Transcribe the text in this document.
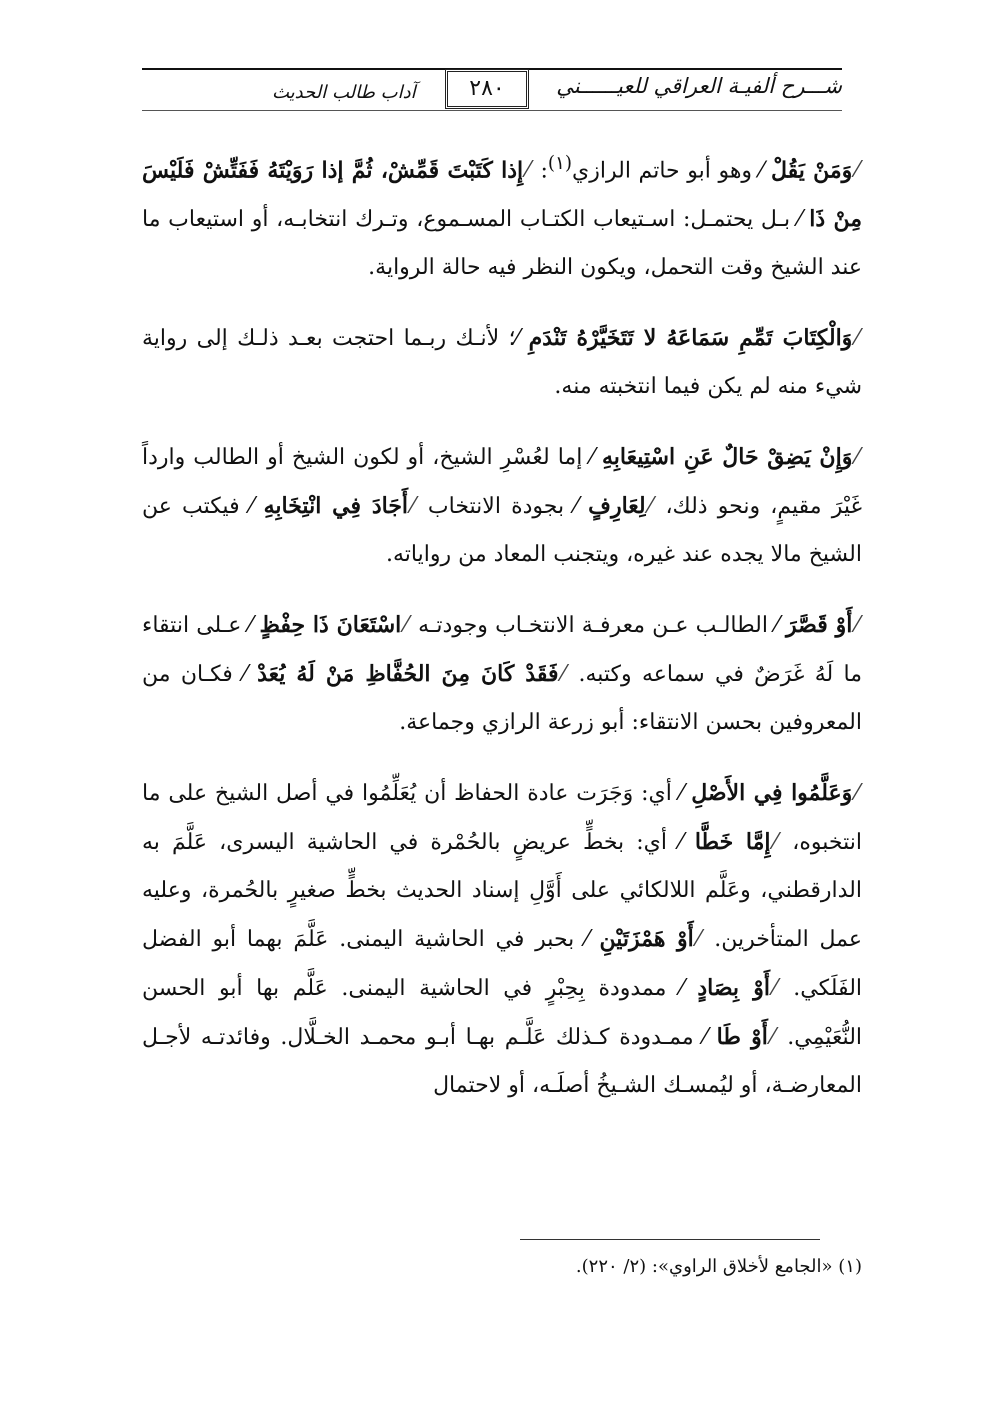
شـــرح ألفيـة العراقي للعيــــــني
٢٨٠
آداب طالب الحديث

⁄وَمَنْ يَقُلْ ⁄ وهو أبو حاتم الرازي$^{(١)}$: ⁄إِذا كَتَبْتَ قَمِّشْ، ثُمَّ إذا رَوَيْتَهُ فَفَتِّشْ فَلَيْسَ مِنْ ذَا ⁄ بـل يحتمـل: اسـتيعاب الكتـاب المسـموع، وتـرك انتخابـه، أو استيعاب ما عند الشيخ وقت التحمل، ويكون النظر فيه حالة الرواية.

⁄وَالْكِتَابَ تَمِّمِ سَمَاعَهُ لا تَتَخَيَّرْهُ تَنْدَمِ ⁄؛ لأنـك ربـما احتجت بعـد ذلـك إلى رواية شيء منه لم يكن فيما انتخبته منه.

⁄وَإِنْ يَضِقْ حَالٌ عَنِ اسْتِيعَابِهِ ⁄ إما لعُسْرِ الشيخ، أو لكون الشيخ أو الطالب وارداً غَيْرَ مقيمٍ، ونحو ذلك، ⁄لِعَارِفٍ ⁄ بجودة الانتخاب ⁄أَجَادَ فِي انْتِخَابِهِ ⁄ فيكتب عن الشيخ مالا يجده عند غيره، ويتجنب المعاد من رواياته.

⁄أَوْ قَصَّرَ ⁄ الطالـب عـن معرفـة الانتخـاب وجودتـه ⁄اسْتَعَانَ ذَا حِفْظٍ ⁄ عـلى انتقاء ما لَهُ غَرَضٌ في سماعه وكتبه. ⁄فَقَدْ كَانَ مِنَ الحُفَّاظِ مَنْ لَهُ يُعَدْ ⁄ فكـان من المعروفين بحسن الانتقاء: أبو زرعة الرازي وجماعة.

⁄وَعَلَّمُوا فِي الأَصْلِ ⁄ أي: وَجَرَت عادة الحفاظ أن يُعَلِّمُوا في أصل الشيخ على ما انتخبوه، ⁄إِمَّا خَطَّا ⁄ أي: بخطٍّ عريضٍ بالحُمْرة في الحاشية اليسرى، عَلَّمَ به الدارقطني، وعَلَّم اللالكائي على أَوَّلِ إسناد الحديث بخطٍّ صغيرٍ بالحُمرة، وعليه عمل المتأخرين. ⁄أَوْ هَمْزَتَيْنِ ⁄ بحبر في الحاشية اليمنى. عَلَّمَ بهما أبو الفضل الفَلَكي. ⁄أَوْ بِصَادٍ ⁄ ممدودة بِحِبْرٍ في الحاشية اليمنى. عَلَّم بها أبو الحسن النُّعَيْمِي. ⁄أَوْ طَا ⁄ ممـدودة كـذلك عَلَّـم بهـا أبـو محمـد الخـلَّال. وفائدتـه لأجـل المعارضـة، أو ليُمسـك الشـيخُ أصلَـه، أو لاحتمال

(١) «الجامع لأخلاق الراوي»: (٢/ ٢٢٠).
